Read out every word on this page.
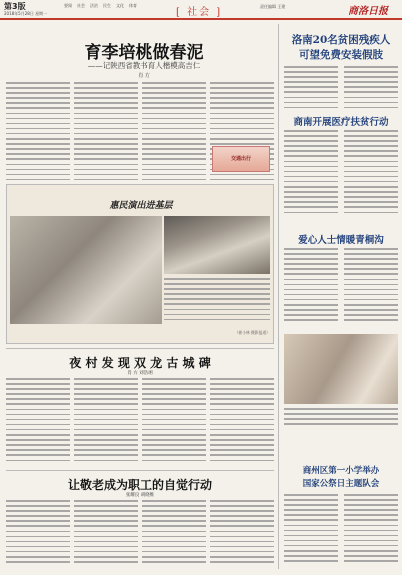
第3版
2018年5月28日 星期一
要闻 社会 法治 民生 文化 体育
[ 社会 ]
责任编辑 王建	商洛日报
育李培桃做春泥
——记陕西省教书育人楷模高吉仁
肖 方
交通出行
惠民演出进基层
（崔小林 摄影报道）
夜 村 发 现 双 龙 古 城 碑
肖 方 刘浩翊
让敬老成为职工的自觉行动
张耀良 胡晓维
洛南20名贫困残疾人
可望免费安装假肢
商南开展医疗扶贫行动
爱心人士情暖青桐沟
商州区第一小学举办
国家公祭日主题队会
